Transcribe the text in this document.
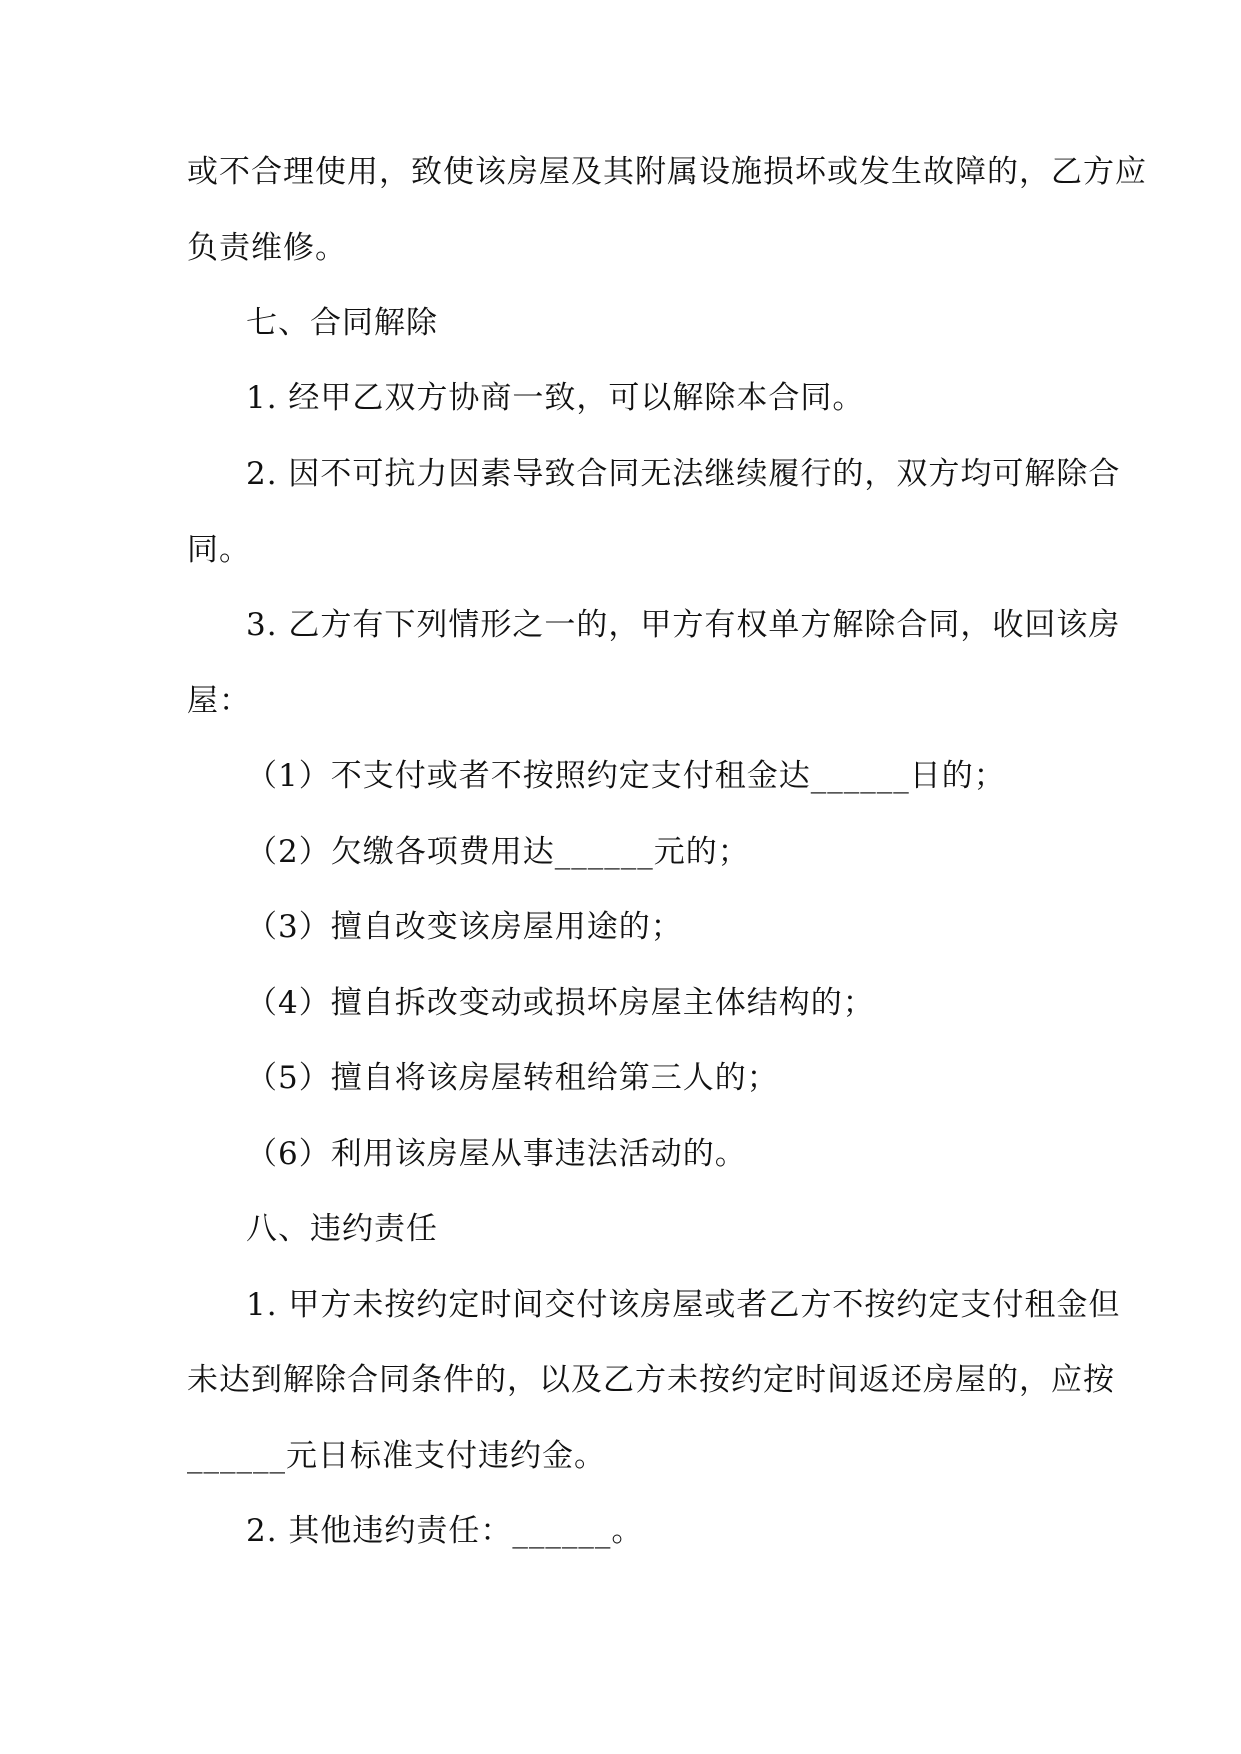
或不合理使用，致使该房屋及其附属设施损坏或发生故障的，乙方应
负责维修。
七、合同解除
1. 经甲乙双方协商一致，可以解除本合同。
2. 因不可抗力因素导致合同无法继续履行的，双方均可解除合
同。
3. 乙方有下列情形之一的，甲方有权单方解除合同，收回该房
屋：
（1）不支付或者不按照约定支付租金达______日的；
（2）欠缴各项费用达______元的；
（3）擅自改变该房屋用途的；
（4）擅自拆改变动或损坏房屋主体结构的；
（5）擅自将该房屋转租给第三人的；
（6）利用该房屋从事违法活动的。
八、违约责任
1. 甲方未按约定时间交付该房屋或者乙方不按约定支付租金但
未达到解除合同条件的，以及乙方未按约定时间返还房屋的，应按
______元日标准支付违约金。
2. 其他违约责任：______。
